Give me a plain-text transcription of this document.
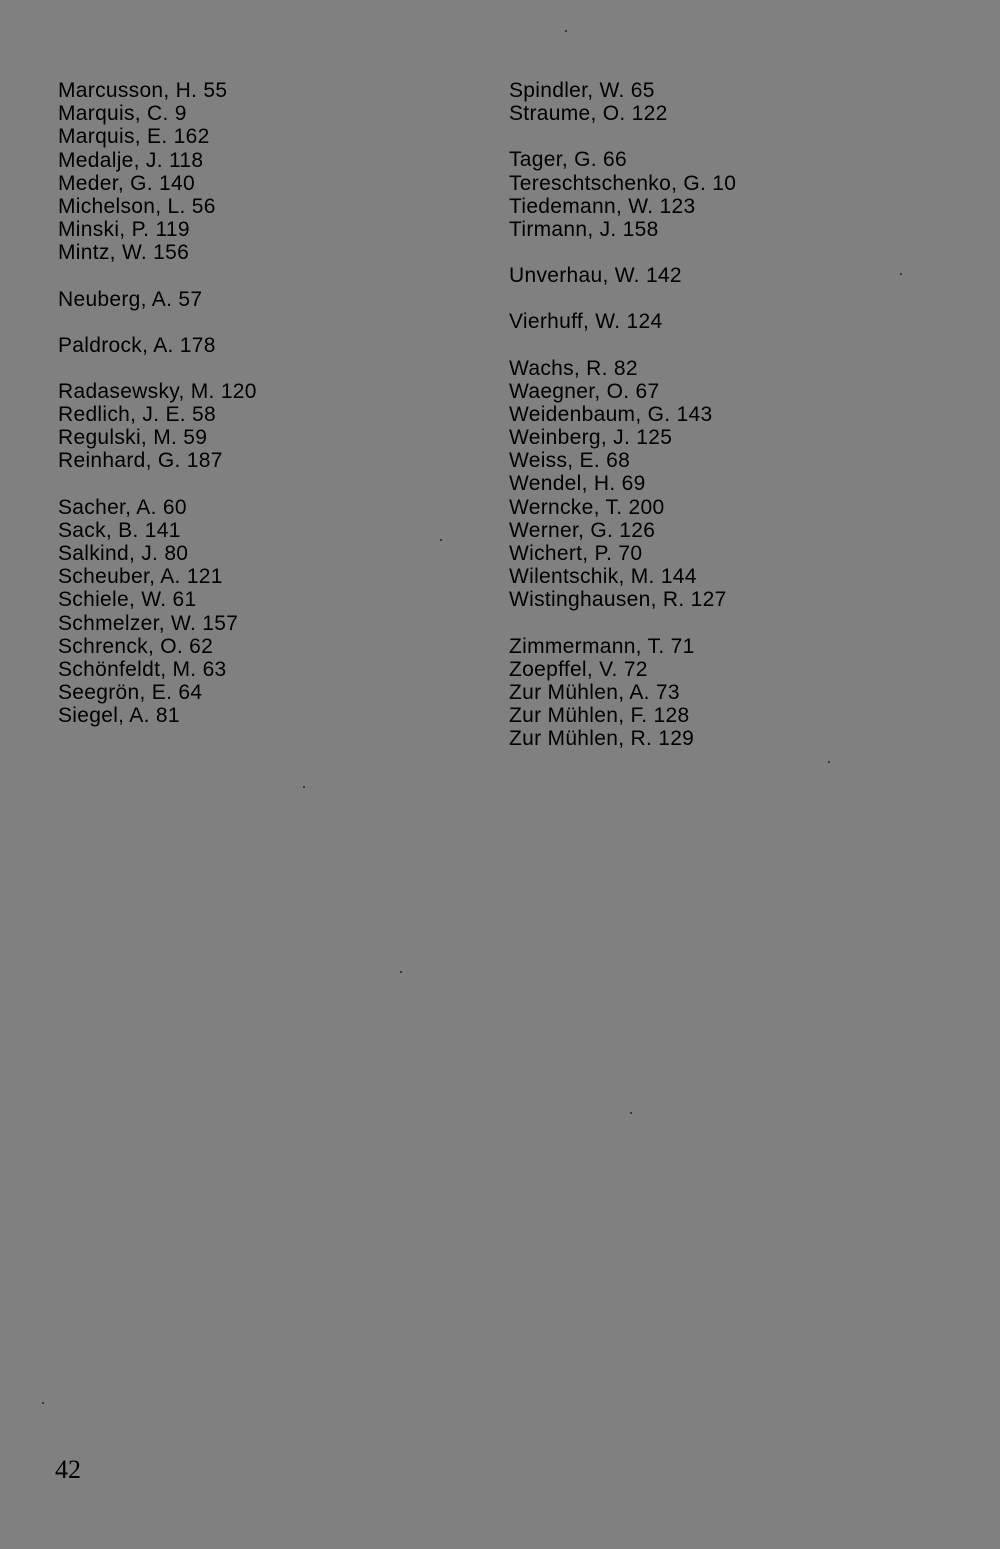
Marcusson, H. 55
Marquis, C. 9
Marquis, E. 162
Medalje, J. 118
Meder, G. 140
Michelson, L. 56
Minski, P. 119
Mintz, W. 156
Neuberg, A. 57
Paldrock, A. 178
Radasewsky, M. 120
Redlich, J. E. 58
Regulski, M. 59
Reinhard, G. 187
Sacher, A. 60
Sack, B. 141
Salkind, J. 80
Scheuber, A. 121
Schiele, W. 61
Schmelzer, W. 157
Schrenck, O. 62
Schönfeldt, M. 63
Seegrön, E. 64
Siegel, A. 81
Spindler, W. 65
Straume, O. 122
Tager, G. 66
Tereschtschenko, G. 10
Tiedemann, W. 123
Tirmann, J. 158
Unverhau, W. 142
Vierhuff, W. 124
Wachs, R. 82
Waegner, O. 67
Weidenbaum, G. 143
Weinberg, J. 125
Weiss, E. 68
Wendel, H. 69
Werncke, T. 200
Werner, G. 126
Wichert, P. 70
Wilentschik, M. 144
Wistinghausen, R. 127
Zimmermann, T. 71
Zoepffel, V. 72
Zur Mühlen, A. 73
Zur Mühlen, F. 128
Zur Mühlen, R. 129
42
